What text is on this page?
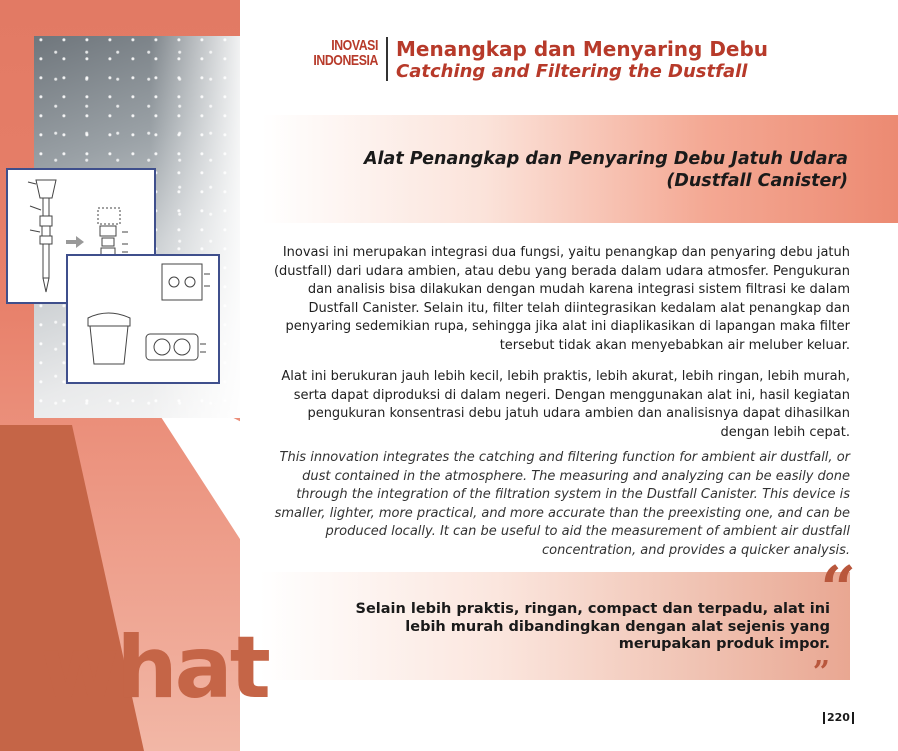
INOVASI
INDONESIA Menangkap dan Menyaring Debu
Catching and Filtering the Dustfall
Alat Penangkap dan Penyaring Debu Jatuh Udara
(Dustfall Canister)
Inovasi ini merupakan integrasi dua fungsi, yaitu penangkap dan penyaring debu jatuh (dustfall) dari udara ambien, atau debu yang berada dalam udara atmosfer. Pengukuran dan analisis bisa dilakukan dengan mudah karena integrasi sistem filtrasi ke dalam Dustfall Canister. Selain itu, filter telah diintegrasikan kedalam alat penangkap dan penyaring sedemikian rupa, sehingga jika alat ini diaplikasikan di lapangan maka filter tersebut tidak akan menyebabkan air meluber keluar.
Alat ini berukuran jauh lebih kecil, lebih praktis, lebih akurat, lebih ringan, lebih murah, serta dapat diproduksi di dalam negeri. Dengan menggunakan alat ini, hasil kegiatan pengukuran konsentrasi debu jatuh udara ambien dan analisisnya dapat dihasilkan dengan lebih cepat.
This innovation integrates the catching and filtering function for ambient air dustfall, or dust contained in the atmosphere. The measuring and analyzing can be easily done through the integration of the filtration system in the Dustfall Canister. This device is smaller, lighter, more practical, and more accurate than the preexisting one, and can be produced locally. It can be useful to aid the measurement of ambient air dustfall concentration, and provides a quicker analysis.
“
Selain lebih praktis, ringan, compact dan terpadu, alat ini lebih murah dibandingkan dengan alat sejenis yang merupakan produk impor.
”
what	220
